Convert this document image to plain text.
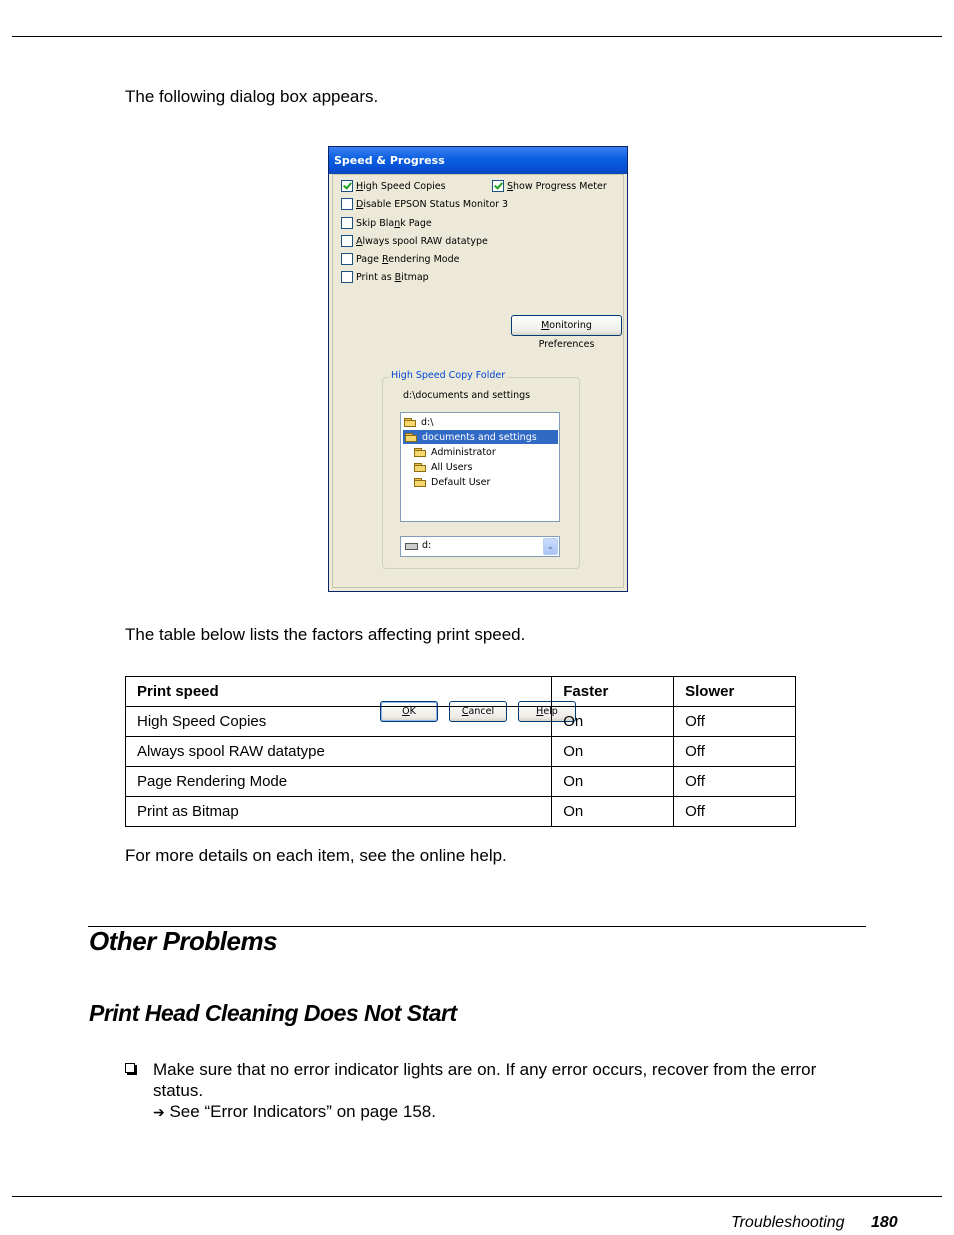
The following dialog box appears.
Speed & Progress
High Speed Copies	Show Progress Meter
Disable EPSON Status Monitor 3
Skip Blank Page
Always spool RAW datatype
Page Rendering Mode
Print as Bitmap
Monitoring Preferences
High Speed Copy Folder
d:\documents and settings
d:\
documents and settings
Administrator
All Users
Default User
d:	⌄
OK	Cancel	Help
The table below lists the factors affecting print speed.
Print speed	Faster	Slower
High Speed Copies	On	Off
Always spool RAW datatype	On	Off
Page Rendering Mode	On	Off
Print as Bitmap	On	Off
For more details on each item, see the online help.
Other Problems
Print Head Cleaning Does Not Start
Make sure that no error indicator lights are on. If any error occurs, recover from the error status.
➔ See “Error Indicators” on page 158.
Troubleshooting 180
